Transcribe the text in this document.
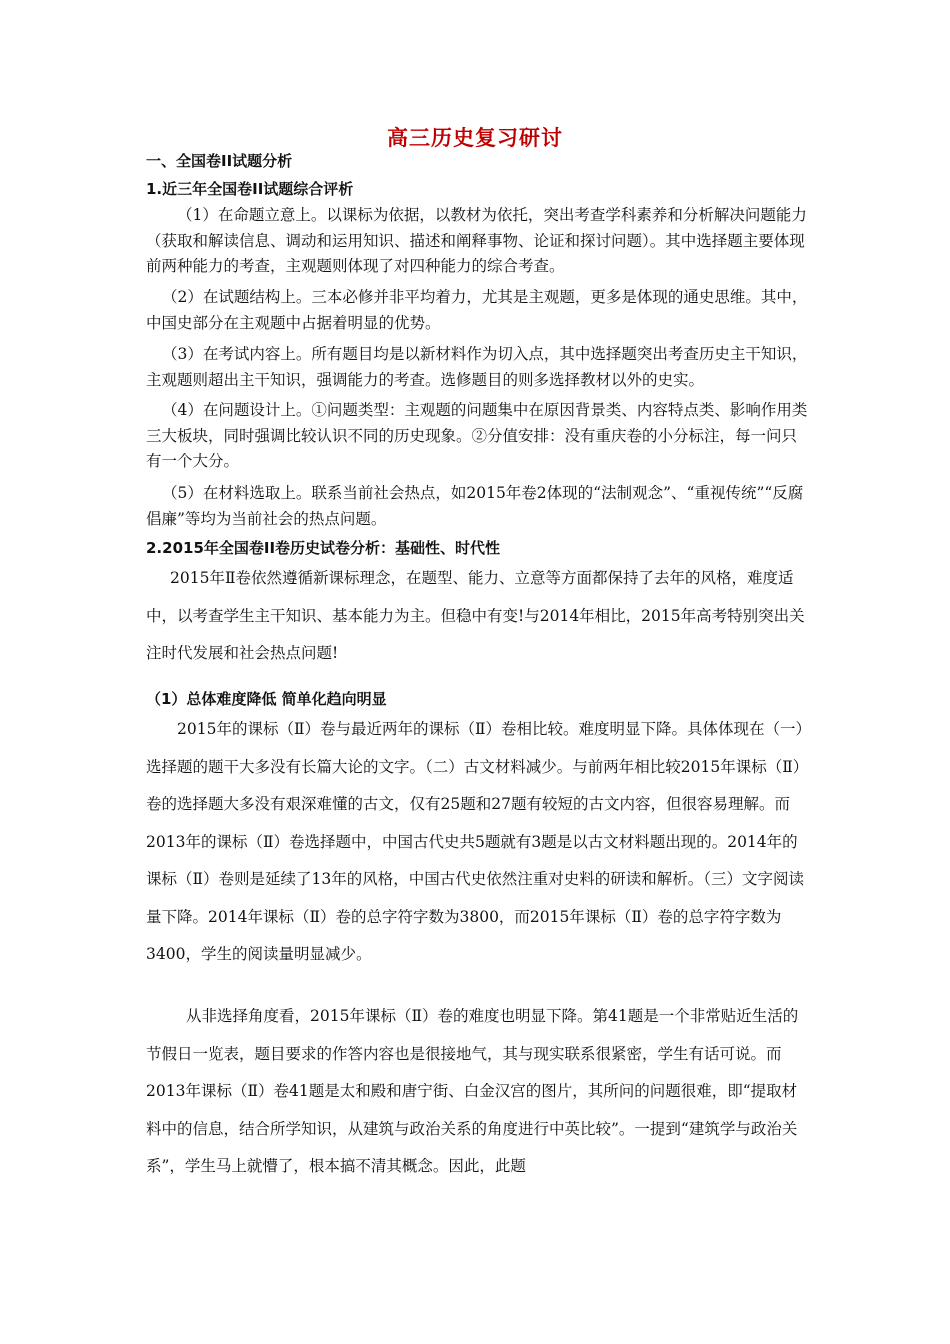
高三历史复习研讨
一、全国卷II试题分析
1.近三年全国卷II试题综合评析

（1）在命题立意上。以课标为依据，以教材为依托，突出考查学科素养和分析解决问题能力（获取和解读信息、调动和运用知识、描述和阐释事物、论证和探讨问题）。其中选择题主要体现前两种能力的考查，主观题则体现了对四种能力的综合考查。

（2）在试题结构上。三本必修并非平均着力，尤其是主观题，更多是体现的通史思维。其中，中国史部分在主观题中占据着明显的优势。

（3）在考试内容上。所有题目均是以新材料作为切入点，其中选择题突出考查历史主干知识，主观题则超出主干知识，强调能力的考查。选修题目的则多选择教材以外的史实。

（4）在问题设计上。①问题类型：主观题的问题集中在原因背景类、内容特点类、影响作用类三大板块，同时强调比较认识不同的历史现象。②分值安排：没有重庆卷的小分标注，每一问只有一个大分。

（5）在材料选取上。联系当前社会热点，如2015年卷2体现的“法制观念”、“重视传统”“反腐倡廉”等均为当前社会的热点问题。

2.2015年全国卷II卷历史试卷分析：基础性、时代性

2015年Ⅱ卷依然遵循新课标理念，在题型、能力、立意等方面都保持了去年的风格，难度适中，以考查学生主干知识、基本能力为主。但稳中有变!与2014年相比，2015年高考特别突出关注时代发展和社会热点问题!

（1）总体难度降低 简单化趋向明显

2015年的课标（Ⅱ）卷与最近两年的课标（Ⅱ）卷相比较。难度明显下降。具体体现在（一）选择题的题干大多没有长篇大论的文字。（二）古文材料减少。与前两年相比较2015年课标（Ⅱ）卷的选择题大多没有艰深难懂的古文，仅有25题和27题有较短的古文内容，但很容易理解。而2013年的课标（Ⅱ）卷选择题中，中国古代史共5题就有3题是以古文材料题出现的。2014年的课标（Ⅱ）卷则是延续了13年的风格，中国古代史依然注重对史料的研读和解析。（三）文字阅读量下降。2014年课标（Ⅱ）卷的总字符字数为3800，而2015年课标（Ⅱ）卷的总字符字数为3400，学生的阅读量明显减少。

从非选择角度看，2015年课标（Ⅱ）卷的难度也明显下降。第41题是一个非常贴近生活的节假日一览表，题目要求的作答内容也是很接地气，其与现实联系很紧密，学生有话可说。而2013年课标（Ⅱ）卷41题是太和殿和唐宁街、白金汉宫的图片，其所问的问题很难，即“提取材料中的信息，结合所学知识，从建筑与政治关系的角度进行中英比较”。一提到“建筑学与政治关系”，学生马上就懵了，根本搞不清其概念。因此，此题
